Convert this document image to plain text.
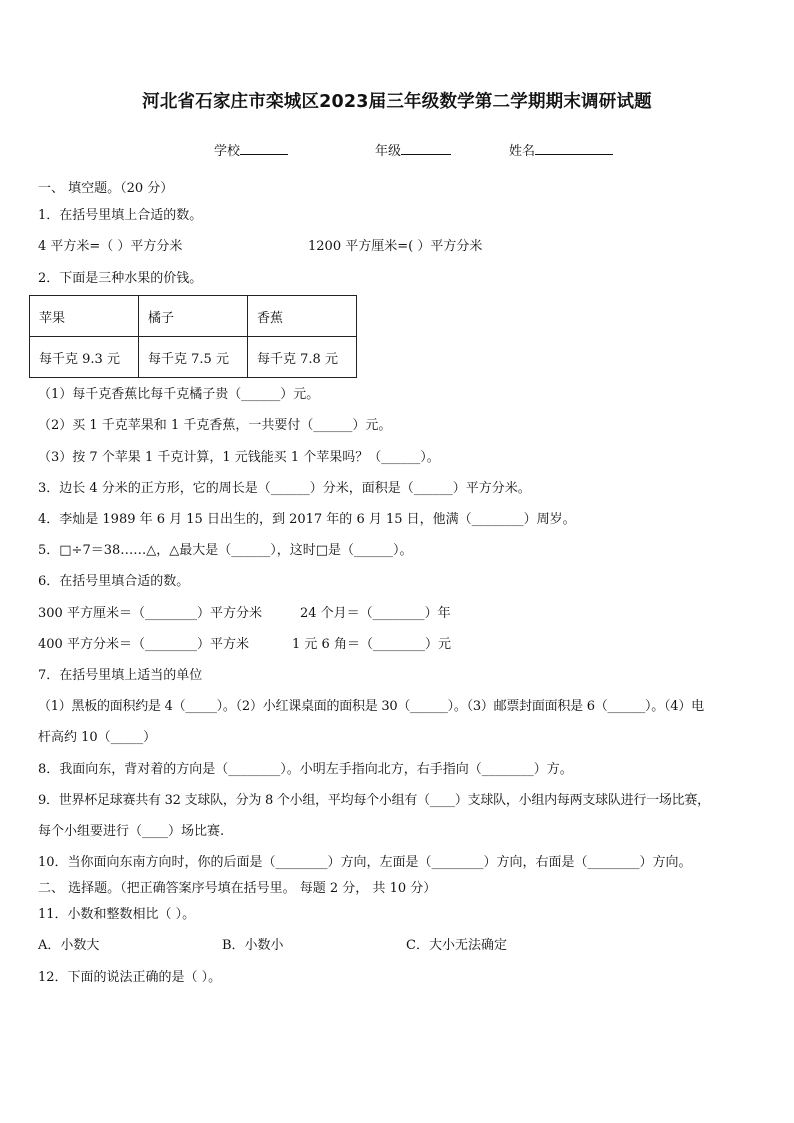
河北省石家庄市栾城区2023届三年级数学第二学期期末调研试题
学校	年级	姓名
一、 填空题。（20 分）
1．在括号里填上合适的数。
4 平方米=（ ）平方分米	1200 平方厘米=( ）平方分米
2．下面是三种水果的价钱。
苹果	橘子	香蕉
每千克 9.3 元	每千克 7.5 元	每千克 7.8 元
（1）每千克香蕉比每千克橘子贵（______）元。
（2）买 1 千克苹果和 1 千克香蕉，一共要付（______）元。
（3）按 7 个苹果 1 千克计算，1 元钱能买 1 个苹果吗？（______）。
3．边长 4 分米的正方形，它的周长是（______）分米，面积是（______）平方分米。
4．李灿是 1989 年 6 月 15 日出生的，到 2017 年的 6 月 15 日，他满（________）周岁。
5．□÷7＝38……△，△最大是（______），这时□是（______）。
6．在括号里填合适的数。
300 平方厘米＝（________）平方分米	24 个月＝（________）年
400 平方分米＝（________）平方米	1 元 6 角＝（________）元
7．在括号里填上适当的单位
（1）黑板的面积约是 4（_____）。（2）小红课桌面的面积是 30（______）。（3）邮票封面面积是 6（______）。（4）电
杆高约 10（_____）
8．我面向东，背对着的方向是（________）。小明左手指向北方，右手指向（________）方。
9．世界杯足球赛共有 32 支球队，分为 8 个小组，平均每个小组有（____）支球队，小组内每两支球队进行一场比赛，
每个小组要进行（____）场比赛.
10．当你面向东南方向时，你的后面是（________）方向，左面是（________）方向，右面是（________）方向。
二、 选择题。（把正确答案序号填在括号里。 每题 2 分， 共 10 分）
11．小数和整数相比（ ）。
A．小数大	B．小数小	C．大小无法确定
12．下面的说法正确的是（ ）。
